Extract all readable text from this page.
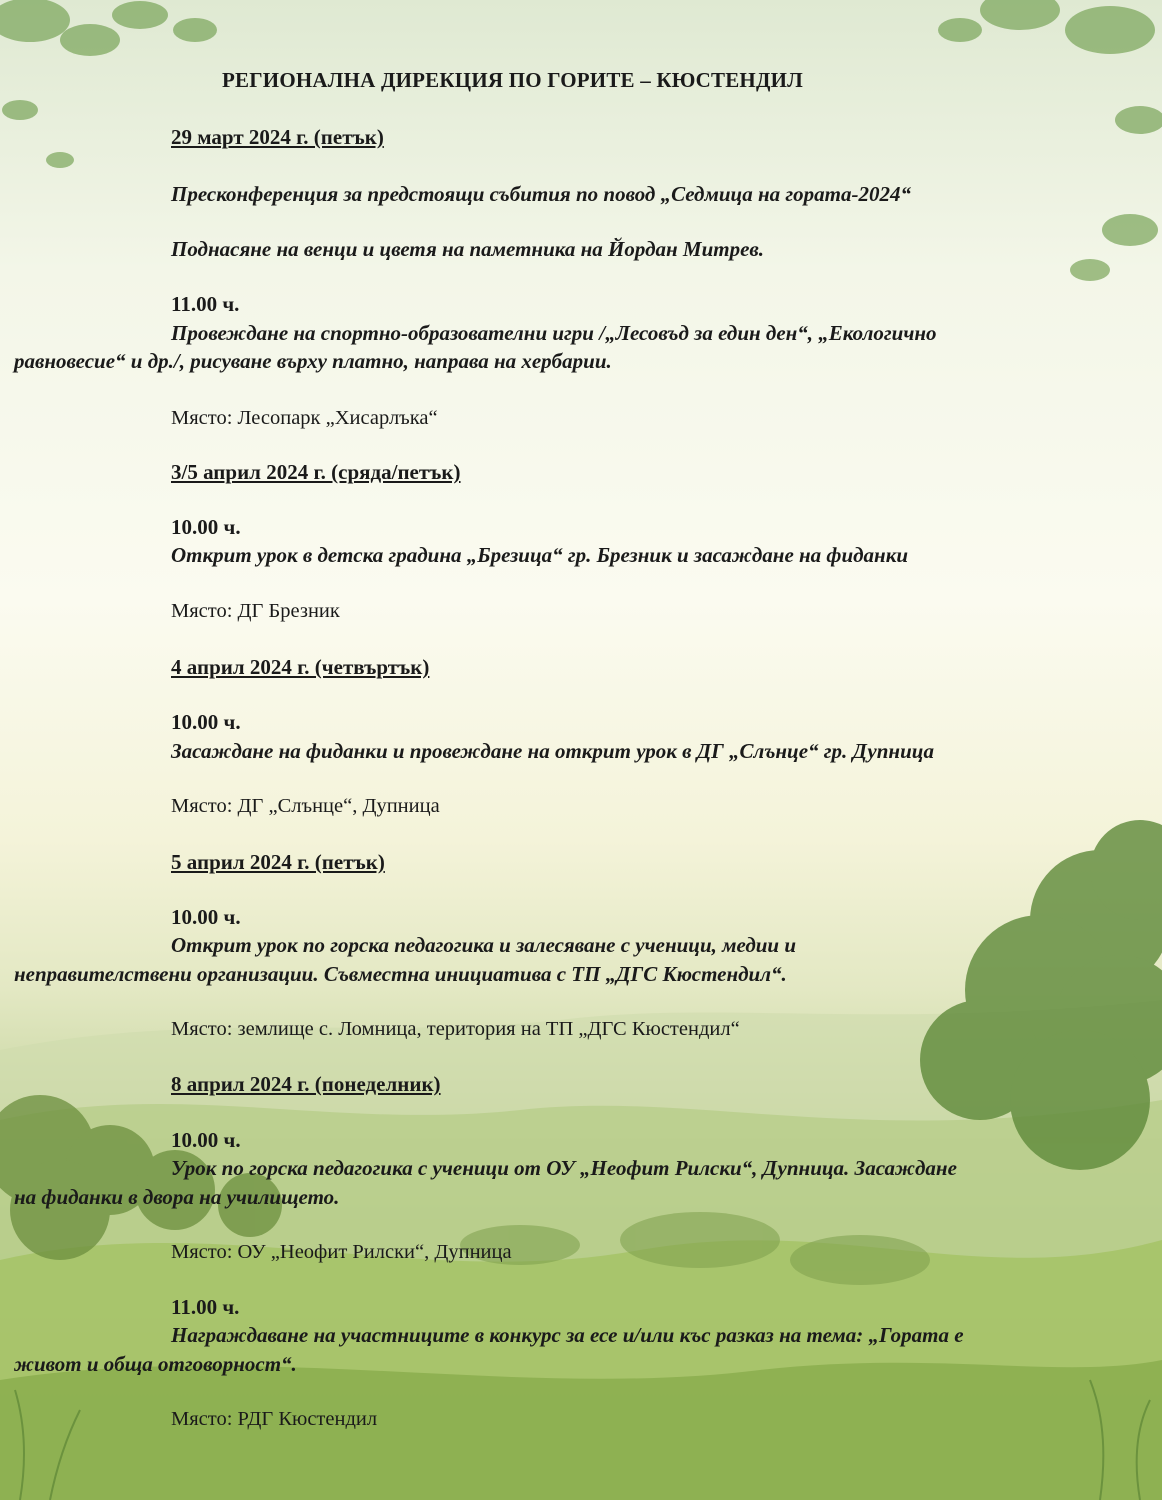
РЕГИОНАЛНА ДИРЕКЦИЯ ПО ГОРИТЕ – КЮСТЕНДИЛ
29 март 2024 г. (петък)
Пресконференция за предстоящи събития по повод „Седмица на гората-2024“
Поднасяне на венци и цветя на паметника на Йордан Митрев.
11.00 ч.
Провеждане на спортно-образователни игри /„Лесовъд за един ден“, „Екологично
равновесие“ и др./, рисуване върху платно, направа на хербарии.
Място: Лесопарк „Хисарлъка“
3/5 април 2024 г. (сряда/петък)
10.00 ч.
Открит урок в детска градина „Брезица“ гр. Брезник и засаждане на фиданки
Място: ДГ Брезник
4 април 2024 г. (четвъртък)
10.00 ч.
Засаждане на фиданки и провеждане на открит урок в ДГ „Слънце“ гр. Дупница
Място: ДГ „Слънце“, Дупница
5 април 2024 г. (петък)
10.00 ч.
Открит урок по горска педагогика и залесяване с ученици, медии и
неправителствени организации. Съвместна инициатива с ТП „ДГС Кюстендил“.
Място: землище с. Ломница, територия на ТП „ДГС Кюстендил“
8 април 2024 г. (понеделник)
10.00 ч.
Урок по горска педагогика с ученици от ОУ „Неофит Рилски“, Дупница. Засаждане
на фиданки в двора на училището.
Място: ОУ „Неофит Рилски“, Дупница
11.00 ч.
Награждаване на участниците в конкурс за есе и/или къс разказ на тема: „Гората е
живот и обща отговорност“.
Място: РДГ Кюстендил
